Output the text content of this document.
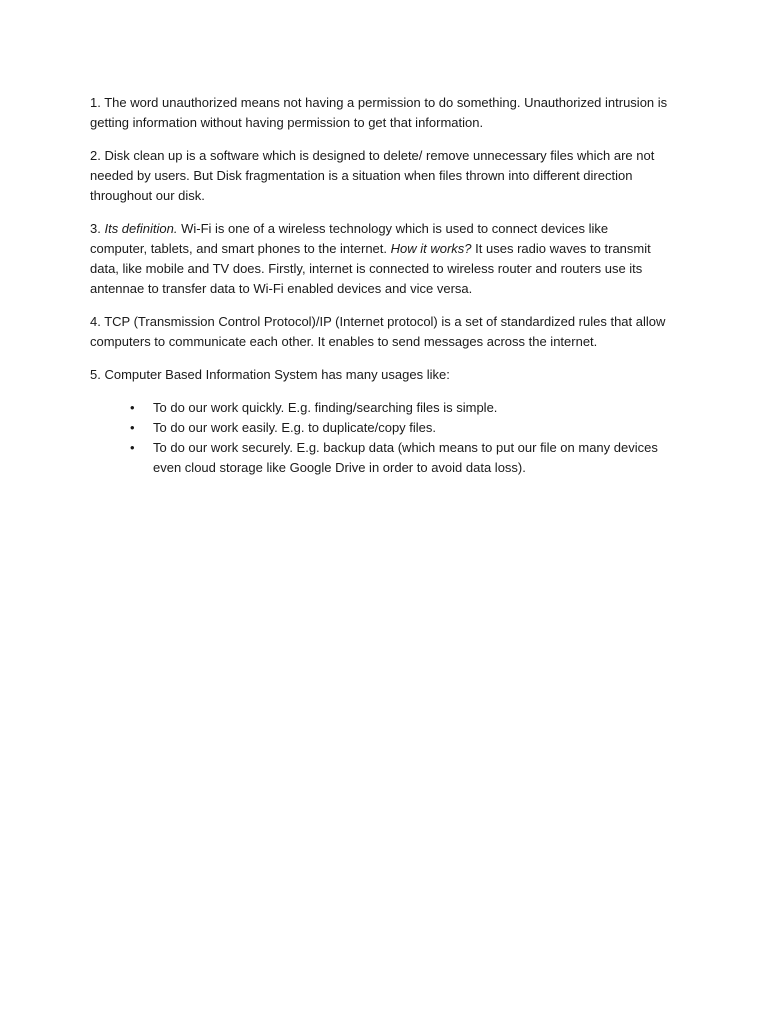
1. The word unauthorized means not having a permission to do something. Unauthorized intrusion is getting information without having permission to get that information.

2. Disk clean up is a software which is designed to delete/ remove unnecessary files which are not needed by users. But Disk fragmentation is a situation when files thrown into different direction throughout our disk.

3. Its definition. Wi-Fi is one of a wireless technology which is used to connect devices like computer, tablets, and smart phones to the internet. How it works? It uses radio waves to transmit data, like mobile and TV does. Firstly, internet is connected to wireless router and routers use its antennae to transfer data to Wi-Fi enabled devices and vice versa.

4. TCP (Transmission Control Protocol)/IP (Internet protocol) is a set of standardized rules that allow computers to communicate each other. It enables to send messages across the internet.

5. Computer Based Information System has many usages like:

• To do our work quickly. E.g. finding/searching files is simple.
• To do our work easily. E.g. to duplicate/copy files.
• To do our work securely. E.g. backup data (which means to put our file on many devices even cloud storage like Google Drive in order to avoid data loss).
